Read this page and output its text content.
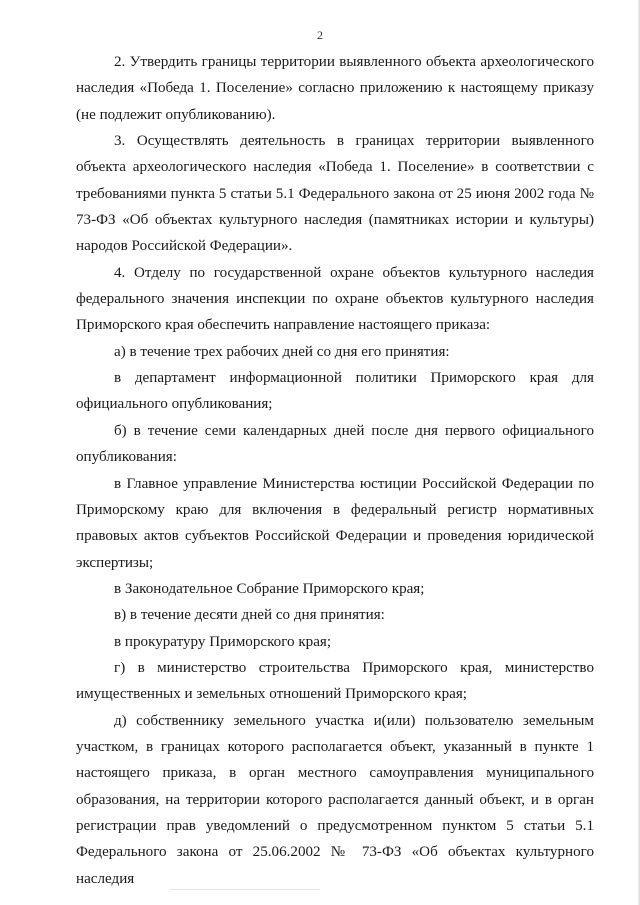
2

2. Утвердить границы территории выявленного объекта археологического наследия «Победа 1. Поселение» согласно приложению к настоящему приказу (не подлежит опубликованию).

3. Осуществлять деятельность в границах территории выявленного объекта археологического наследия «Победа 1. Поселение» в соответствии с требованиями пункта 5 статьи 5.1 Федерального закона от 25 июня 2002 года № 73-ФЗ «Об объектах культурного наследия (памятниках истории и культуры) народов Российской Федерации».

4. Отделу по государственной охране объектов культурного наследия федерального значения инспекции по охране объектов культурного наследия Приморского края обеспечить направление настоящего приказа:

а) в течение трех рабочих дней со дня его принятия:

в департамент информационной политики Приморского края для официального опубликования;

б) в течение семи календарных дней после дня первого официального опубликования:

в Главное управление Министерства юстиции Российской Федерации по Приморскому краю для включения в федеральный регистр нормативных правовых актов субъектов Российской Федерации и проведения юридической экспертизы;

в Законодательное Собрание Приморского края;

в) в течение десяти дней со дня принятия:

в прокуратуру Приморского края;

г) в министерство строительства Приморского края, министерство имущественных и земельных отношений Приморского края;

д) собственнику земельного участка и(или) пользователю земельным участком, в границах которого располагается объект, указанный в пункте 1 настоящего приказа, в орган местного самоуправления муниципального образования, на территории которого располагается данный объект, и в орган регистрации прав уведомлений о предусмотренном пунктом 5 статьи 5.1 Федерального закона от 25.06.2002 № 73-ФЗ «Об объектах культурного наследия
